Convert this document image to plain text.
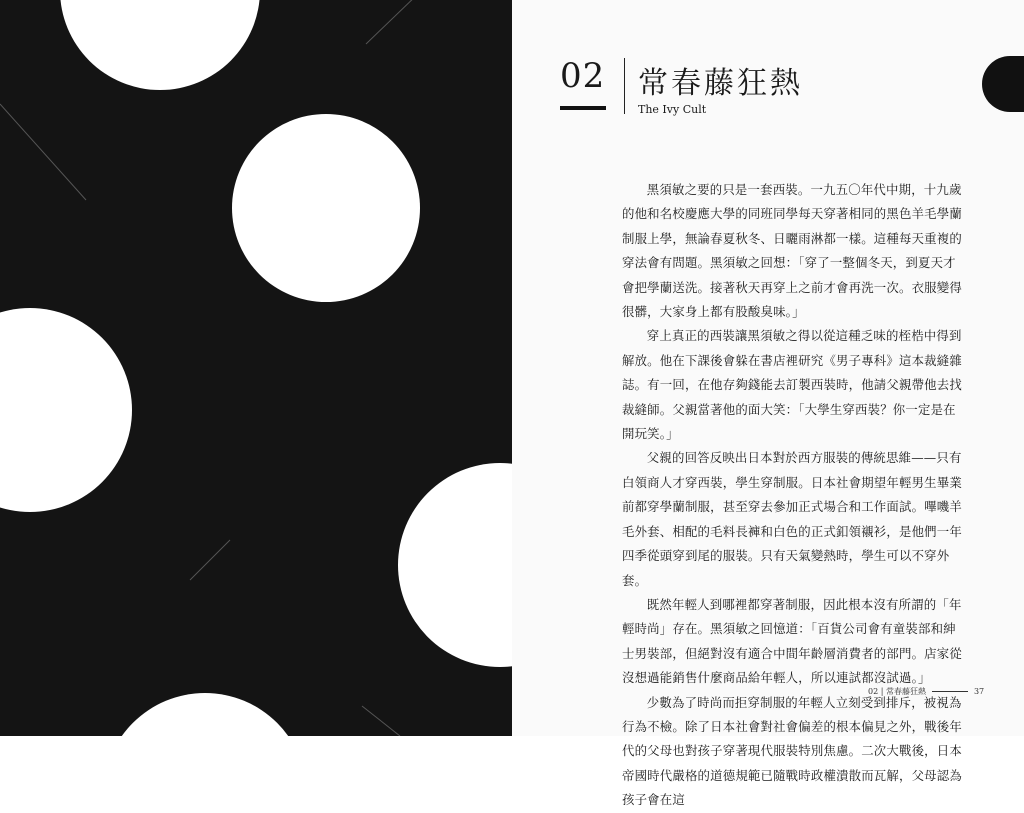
02 常春藤狂熱
The Ivy Cult

黑須敏之要的只是一套西裝。一九五〇年代中期，十九歲的他和名校慶應大學的同班同學每天穿著相同的黑色羊毛學蘭制服上學，無論春夏秋冬、日曬雨淋都一樣。這種每天重複的穿法會有問題。黑須敏之回想：「穿了一整個冬天，到夏天才會把學蘭送洗。接著秋天再穿上之前才會再洗一次。衣服變得很髒，大家身上都有股酸臭味。」

穿上真正的西裝讓黑須敏之得以從這種乏味的桎梏中得到解放。他在下課後會躲在書店裡研究《男子專科》這本裁縫雜誌。有一回，在他存夠錢能去訂製西裝時，他請父親帶他去找裁縫師。父親當著他的面大笑：「大學生穿西裝？你一定是在開玩笑。」

父親的回答反映出日本對於西方服裝的傳統思維——只有白領商人才穿西裝，學生穿制服。日本社會期望年輕男生畢業前都穿學蘭制服，甚至穿去參加正式場合和工作面試。嗶嘰羊毛外套、相配的毛料長褲和白色的正式釦領襯衫，是他們一年四季從頭穿到尾的服裝。只有天氣變熱時，學生可以不穿外套。

既然年輕人到哪裡都穿著制服，因此根本沒有所謂的「年輕時尚」存在。黑須敏之回憶道：「百貨公司會有童裝部和紳士男裝部，但絕對沒有適合中間年齡層消費者的部門。店家從沒想過能銷售什麼商品給年輕人，所以連試都沒試過。」

少數為了時尚而拒穿制服的年輕人立刻受到排斥，被視為行為不檢。除了日本社會對社會偏差的根本偏見之外，戰後年代的父母也對孩子穿著現代服裝特別焦慮。二次大戰後，日本帝國時代嚴格的道德規範已隨戰時政權潰散而瓦解，父母認為孩子會在這

02 | 常春藤狂熱	37
